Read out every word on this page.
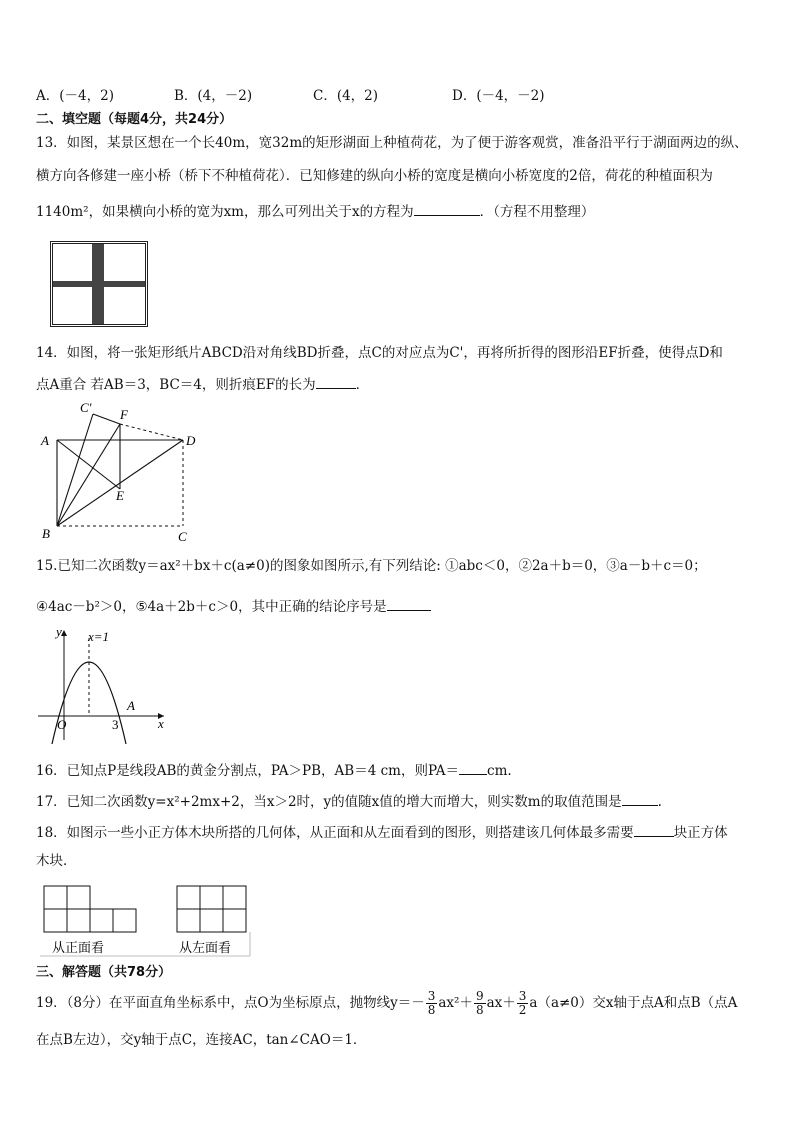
A．(－4，2)	B．(4，－2)	C．(4，2)	D．(－4，－2)
二、填空题（每题4分，共24分）
13．如图，某景区想在一个长40m，宽32m的矩形湖面上种植荷花，为了便于游客观赏，准备沿平行于湖面两边的纵、
横方向各修建一座小桥（桥下不种植荷花）．已知修建的纵向小桥的宽度是横向小桥宽度的2倍，荷花的种植面积为
1140m²，如果横向小桥的宽为xm，那么可列出关于x的方程为	．（方程不用整理）
14．如图，将一张矩形纸片ABCD沿对角线BD折叠，点C的对应点为C'，再将所折得的图形沿EF折叠，使得点D和
点A重合 若AB＝3，BC＝4，则折痕EF的长为	．
A
B	C
D
E
F
C'
15.已知二次函数y＝ax²＋bx＋c(a≠0)的图象如图所示,有下列结论: ①abc＜0，②2a＋b＝0，③a－b＋c＝0；
④4ac－b²＞0，⑤4a＋2b＋c＞0，其中正确的结论序号是
y
x
O	3
A
x=1
16．已知点P是线段AB的黄金分割点，PA＞PB，AB＝4 cm，则PA＝ cm.
17．已知二次函数y=x²+2mx+2，当x＞2时，y的值随x值的增大而增大，则实数m的取值范围是	.
18．如图示一些小正方体木块所搭的几何体，从正面和从左面看到的图形，则搭建该几何体最多需要	块正方体
木块．
从正面看	从左面看
三、解答题（共78分）
19．（8分）在平面直角坐标系中，点O为坐标原点，抛物线$y=- \frac{3}{8} ax^2+ \frac{9}{8} ax+ \frac{3}{2} a(a\ne 0)$交x轴于点A和点B（点A
在点B左边），交y轴于点C，连接AC，tan∠CAO＝1．
